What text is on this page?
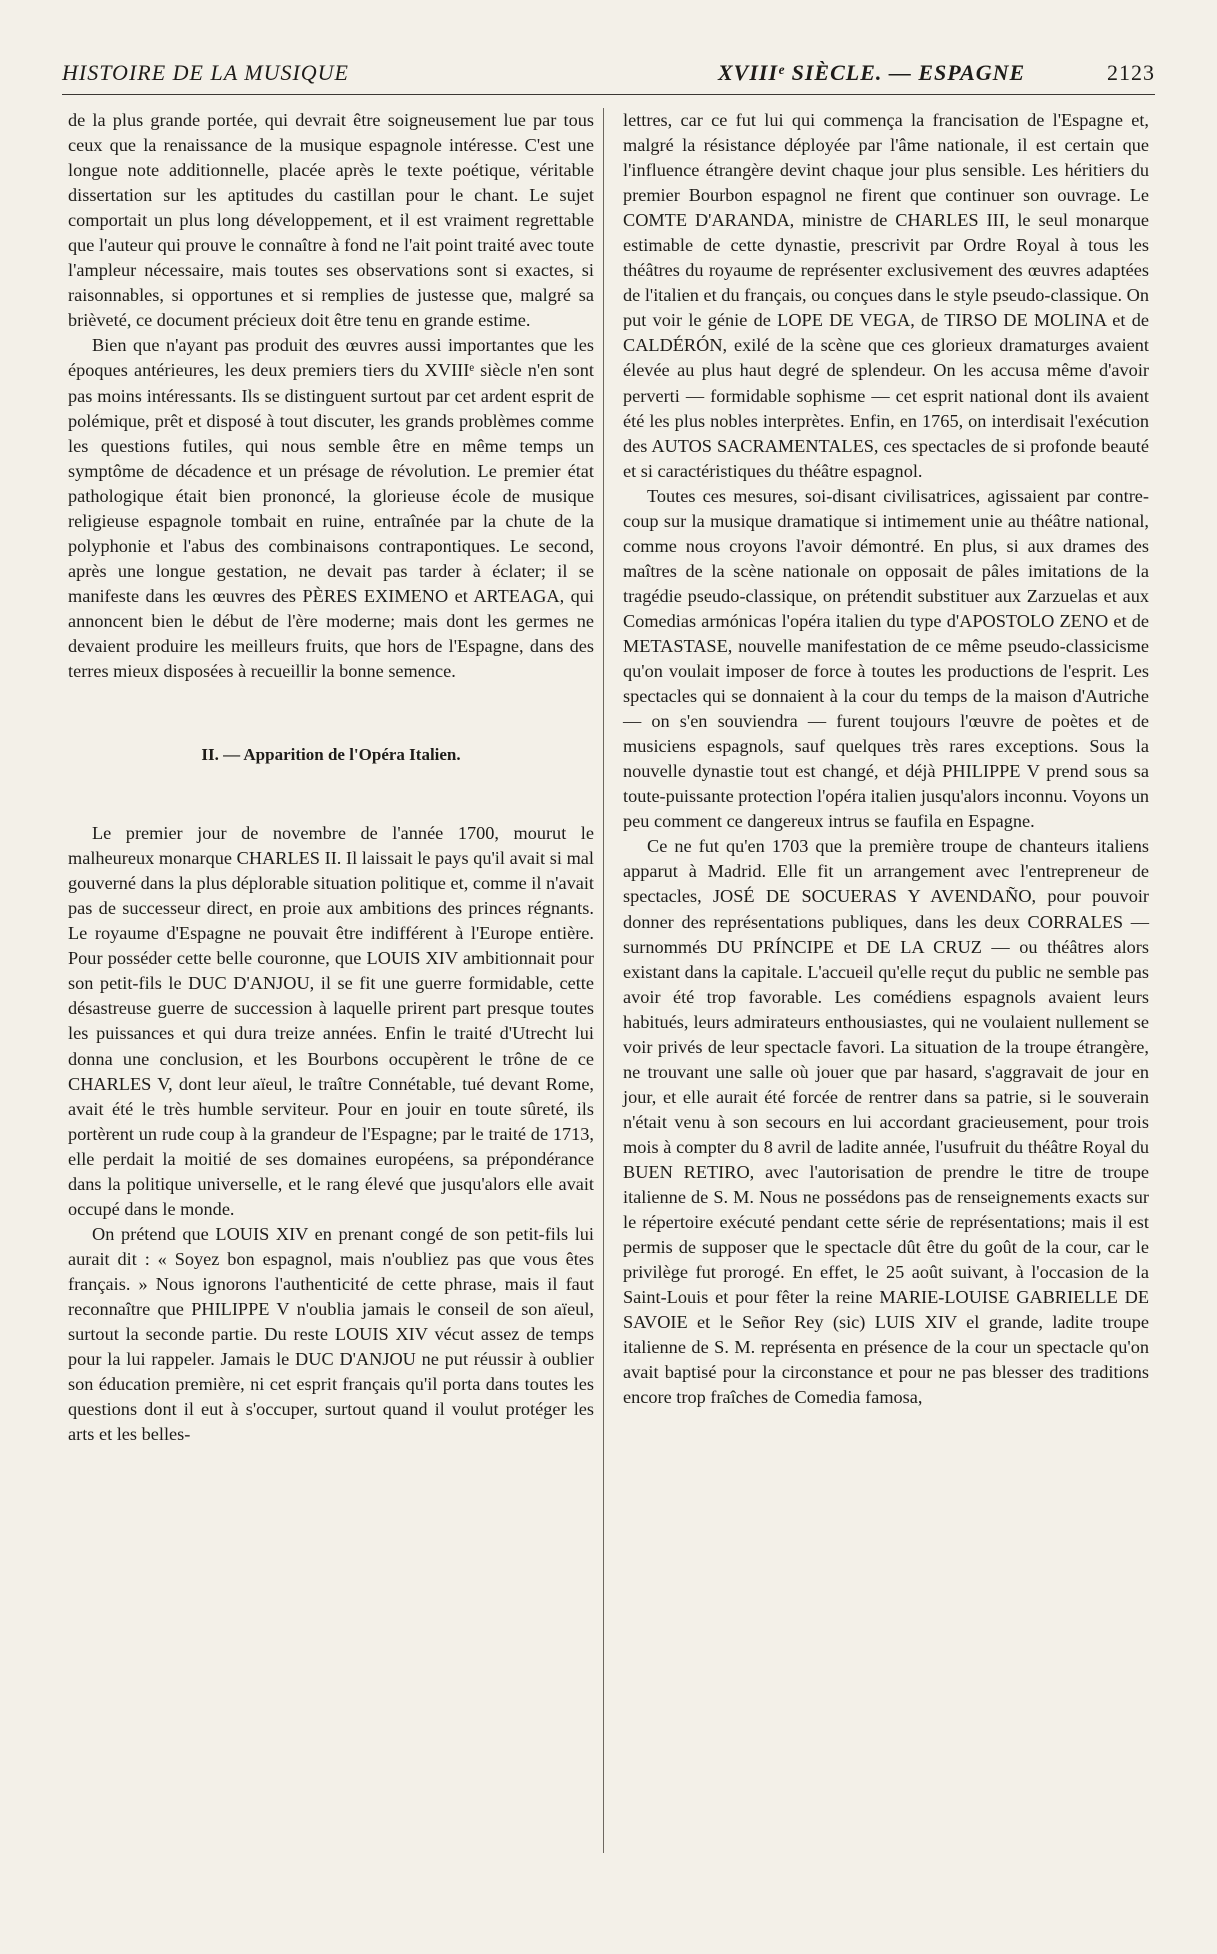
HISTOIRE DE LA MUSIQUE	XVIIIᵉ SIÈCLE. — ESPAGNE	2123

de la plus grande portée, qui devrait être soigneusement lue par tous ceux que la renaissance de la musique espagnole intéresse. C'est une longue note additionnelle, placée après le texte poétique, véritable dissertation sur les aptitudes du castillan pour le chant. Le sujet comportait un plus long développement, et il est vraiment regrettable que l'auteur qui prouve le connaître à fond ne l'ait point traité avec toute l'ampleur nécessaire, mais toutes ses observations sont si exactes, si raisonnables, si opportunes et si remplies de justesse que, malgré sa brièveté, ce document précieux doit être tenu en grande estime.

Bien que n'ayant pas produit des œuvres aussi importantes que les époques antérieures, les deux premiers tiers du XVIIIᵉ siècle n'en sont pas moins intéressants. Ils se distinguent surtout par cet ardent esprit de polémique, prêt et disposé à tout discuter, les grands problèmes comme les questions futiles, qui nous semble être en même temps un symptôme de décadence et un présage de révolution. Le premier état pathologique était bien prononcé, la glorieuse école de musique religieuse espagnole tombait en ruine, entraînée par la chute de la polyphonie et l'abus des combinaisons contrapontiques. Le second, après une longue gestation, ne devait pas tarder à éclater; il se manifeste dans les œuvres des PÈRES EXIMENO et ARTEAGA, qui annoncent bien le début de l'ère moderne; mais dont les germes ne devaient produire les meilleurs fruits, que hors de l'Espagne, dans des terres mieux disposées à recueillir la bonne semence.

II. — Apparition de l'Opéra Italien.

Le premier jour de novembre de l'année 1700, mourut le malheureux monarque CHARLES II. Il laissait le pays qu'il avait si mal gouverné dans la plus déplorable situation politique et, comme il n'avait pas de successeur direct, en proie aux ambitions des princes régnants. Le royaume d'Espagne ne pouvait être indifférent à l'Europe entière. Pour posséder cette belle couronne, que LOUIS XIV ambitionnait pour son petit-fils le DUC D'ANJOU, il se fit une guerre formidable, cette désastreuse guerre de succession à laquelle prirent part presque toutes les puissances et qui dura treize années. Enfin le traité d'Utrecht lui donna une conclusion, et les Bourbons occupèrent le trône de ce CHARLES V, dont leur aïeul, le traître Connétable, tué devant Rome, avait été le très humble serviteur. Pour en jouir en toute sûreté, ils portèrent un rude coup à la grandeur de l'Espagne; par le traité de 1713, elle perdait la moitié de ses domaines européens, sa prépondérance dans la politique universelle, et le rang élevé que jusqu'alors elle avait occupé dans le monde.

On prétend que LOUIS XIV en prenant congé de son petit-fils lui aurait dit : « Soyez bon espagnol, mais n'oubliez pas que vous êtes français. » Nous ignorons l'authenticité de cette phrase, mais il faut reconnaître que PHILIPPE V n'oublia jamais le conseil de son aïeul, surtout la seconde partie. Du reste LOUIS XIV vécut assez de temps pour la lui rappeler. Jamais le DUC D'ANJOU ne put réussir à oublier son éducation première, ni cet esprit français qu'il porta dans toutes les questions dont il eut à s'occuper, surtout quand il voulut protéger les arts et les belles-

lettres, car ce fut lui qui commença la francisation de l'Espagne et, malgré la résistance déployée par l'âme nationale, il est certain que l'influence étrangère devint chaque jour plus sensible. Les héritiers du premier Bourbon espagnol ne firent que continuer son ouvrage. Le COMTE D'ARANDA, ministre de CHARLES III, le seul monarque estimable de cette dynastie, prescrivit par Ordre Royal à tous les théâtres du royaume de représenter exclusivement des œuvres adaptées de l'italien et du français, ou conçues dans le style pseudo-classique. On put voir le génie de LOPE DE VEGA, de TIRSO DE MOLINA et de CALDÉRÓN, exilé de la scène que ces glorieux dramaturges avaient élevée au plus haut degré de splendeur. On les accusa même d'avoir perverti — formidable sophisme — cet esprit national dont ils avaient été les plus nobles interprètes. Enfin, en 1765, on interdisait l'exécution des AUTOS SACRAMENTALES, ces spectacles de si profonde beauté et si caractéristiques du théâtre espagnol.

Toutes ces mesures, soi-disant civilisatrices, agissaient par contre-coup sur la musique dramatique si intimement unie au théâtre national, comme nous croyons l'avoir démontré. En plus, si aux drames des maîtres de la scène nationale on opposait de pâles imitations de la tragédie pseudo-classique, on prétendit substituer aux Zarzuelas et aux Comedias armónicas l'opéra italien du type d'APOSTOLO ZENO et de METASTASE, nouvelle manifestation de ce même pseudo-classicisme qu'on voulait imposer de force à toutes les productions de l'esprit. Les spectacles qui se donnaient à la cour du temps de la maison d'Autriche — on s'en souviendra — furent toujours l'œuvre de poètes et de musiciens espagnols, sauf quelques très rares exceptions. Sous la nouvelle dynastie tout est changé, et déjà PHILIPPE V prend sous sa toute-puissante protection l'opéra italien jusqu'alors inconnu. Voyons un peu comment ce dangereux intrus se faufila en Espagne.

Ce ne fut qu'en 1703 que la première troupe de chanteurs italiens apparut à Madrid. Elle fit un arrangement avec l'entrepreneur de spectacles, JOSÉ DE SOCUERAS Y AVENDAÑO, pour pouvoir donner des représentations publiques, dans les deux CORRALES — surnommés DU PRÍNCIPE et DE LA CRUZ — ou théâtres alors existant dans la capitale. L'accueil qu'elle reçut du public ne semble pas avoir été trop favorable. Les comédiens espagnols avaient leurs habitués, leurs admirateurs enthousiastes, qui ne voulaient nullement se voir privés de leur spectacle favori. La situation de la troupe étrangère, ne trouvant une salle où jouer que par hasard, s'aggravait de jour en jour, et elle aurait été forcée de rentrer dans sa patrie, si le souverain n'était venu à son secours en lui accordant gracieusement, pour trois mois à compter du 8 avril de ladite année, l'usufruit du théâtre Royal du BUEN RETIRO, avec l'autorisation de prendre le titre de troupe italienne de S. M. Nous ne possédons pas de renseignements exacts sur le répertoire exécuté pendant cette série de représentations; mais il est permis de supposer que le spectacle dût être du goût de la cour, car le privilège fut prorogé. En effet, le 25 août suivant, à l'occasion de la Saint-Louis et pour fêter la reine MARIE-LOUISE GABRIELLE DE SAVOIE et le Señor Rey (sic) LUIS XIV el grande, ladite troupe italienne de S. M. représenta en présence de la cour un spectacle qu'on avait baptisé pour la circonstance et pour ne pas blesser des traditions encore trop fraîches de Comedia famosa,
